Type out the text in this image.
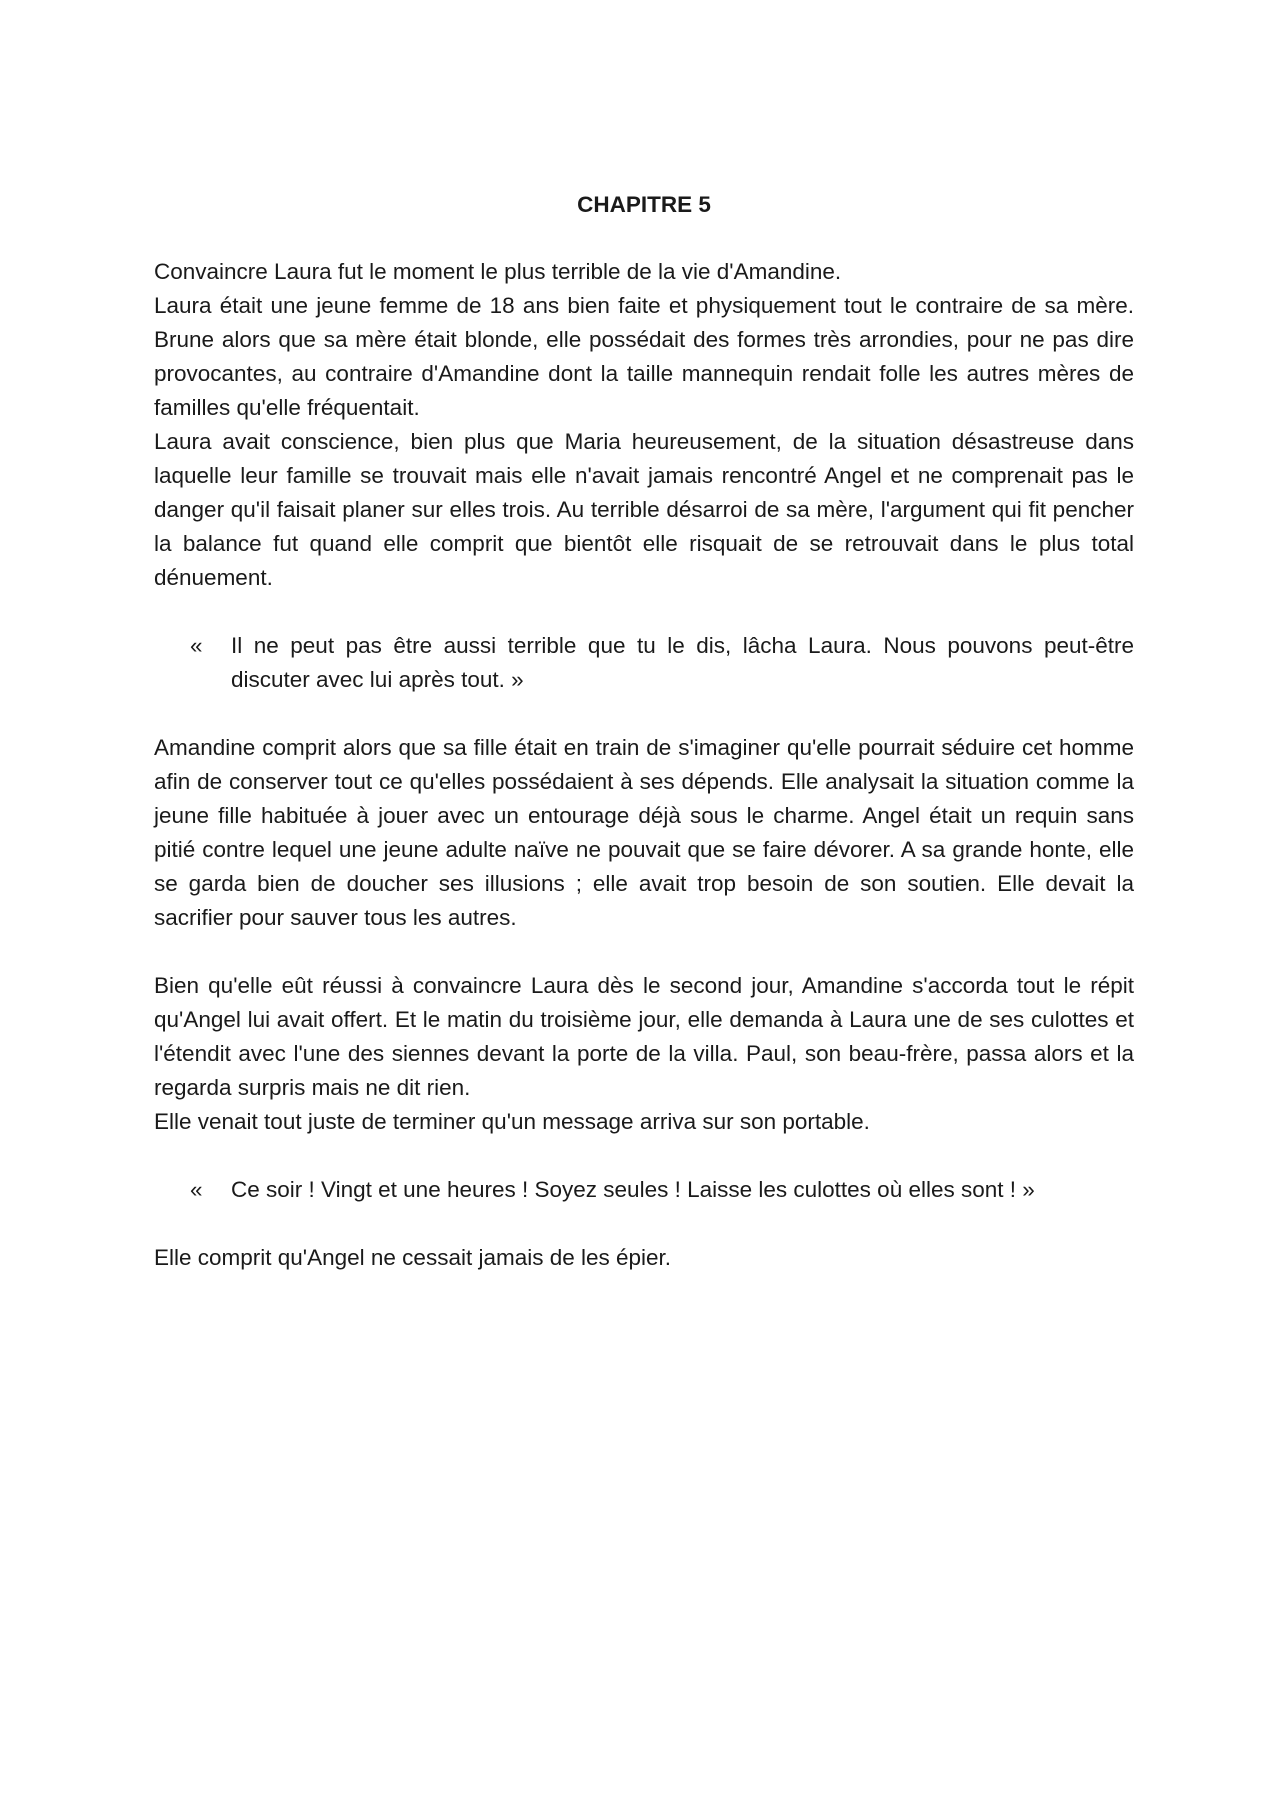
CHAPITRE 5

Convaincre Laura fut le moment le plus terrible de la vie d'Amandine.

Laura était une jeune femme de 18 ans bien faite et physiquement tout le contraire de sa mère. Brune alors que sa mère était blonde, elle possédait des formes très arrondies, pour ne pas dire provocantes, au contraire d'Amandine dont la taille mannequin rendait folle les autres mères de familles qu'elle fréquentait.

Laura avait conscience, bien plus que Maria heureusement, de la situation désastreuse dans laquelle leur famille se trouvait mais elle n'avait jamais rencontré Angel et ne comprenait pas le danger qu'il faisait planer sur elles trois. Au terrible désarroi de sa mère, l'argument qui fit pencher la balance fut quand elle comprit que bientôt elle risquait de se retrouvait dans le plus total dénuement.

« Il ne peut pas être aussi terrible que tu le dis, lâcha Laura. Nous pouvons peut-être discuter avec lui après tout. »

Amandine comprit alors que sa fille était en train de s'imaginer qu'elle pourrait séduire cet homme afin de conserver tout ce qu'elles possédaient à ses dépends. Elle analysait la situation comme la jeune fille habituée à jouer avec un entourage déjà sous le charme. Angel était un requin sans pitié contre lequel une jeune adulte naïve ne pouvait que se faire dévorer. A sa grande honte, elle se garda bien de doucher ses illusions ; elle avait trop besoin de son soutien. Elle devait la sacrifier pour sauver tous les autres.

Bien qu'elle eût réussi à convaincre Laura dès le second jour, Amandine s'accorda tout le répit qu'Angel lui avait offert. Et le matin du troisième jour, elle demanda à Laura une de ses culottes et l'étendit avec l'une des siennes devant la porte de la villa. Paul, son beau-frère, passa alors et la regarda surpris mais ne dit rien.

Elle venait tout juste de terminer qu'un message arriva sur son portable.

« Ce soir ! Vingt et une heures ! Soyez seules ! Laisse les culottes où elles sont ! »

Elle comprit qu'Angel ne cessait jamais de les épier.
